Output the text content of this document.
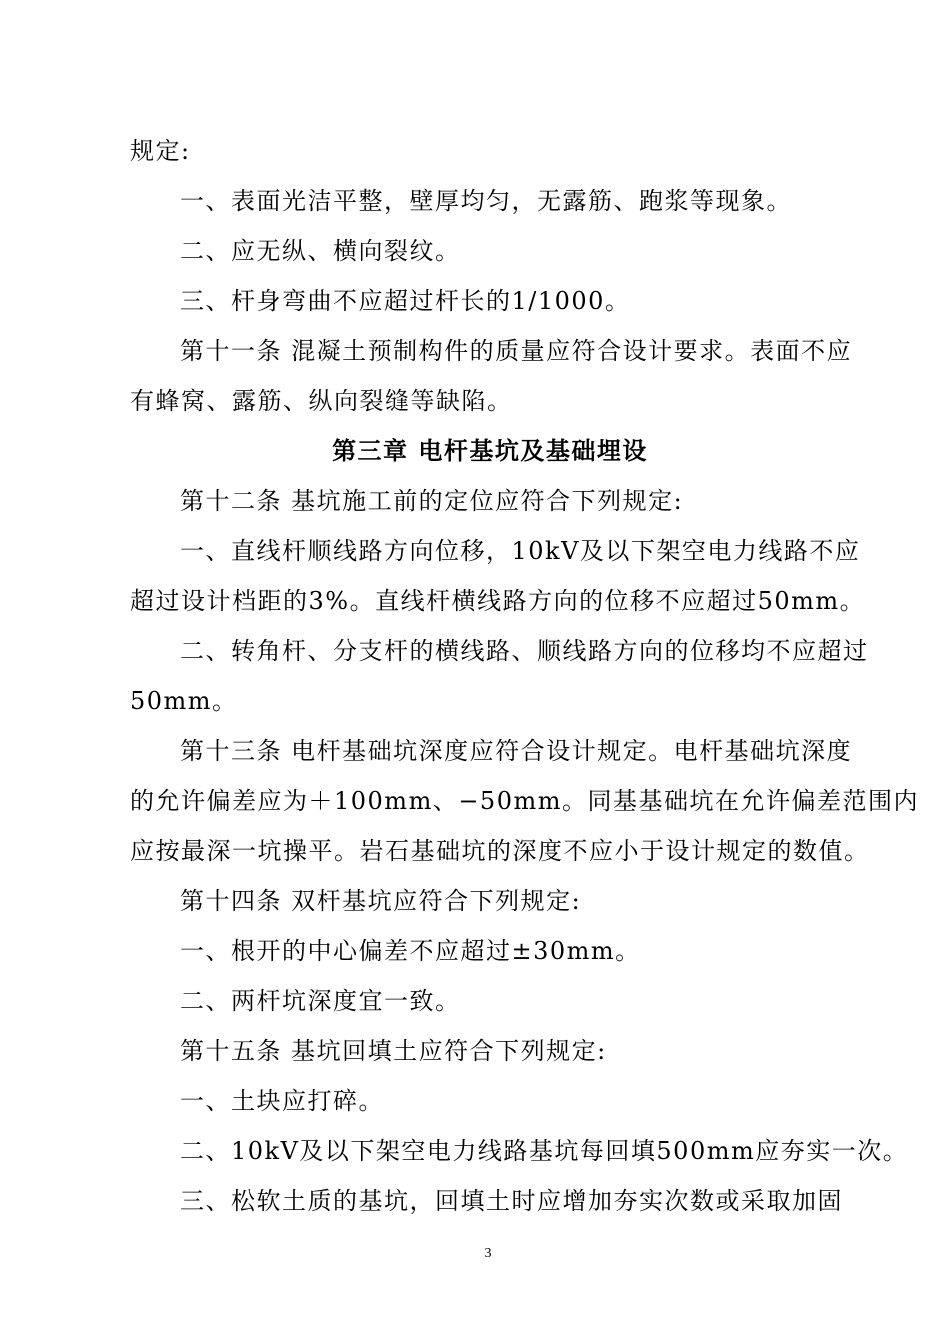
规定:
一、表面光洁平整，壁厚均匀，无露筋、跑浆等现象。
二、应无纵、横向裂纹。
三、杆身弯曲不应超过杆长的1/1000。
第十一条 混凝土预制构件的质量应符合设计要求。表面不应
有蜂窝、露筋、纵向裂缝等缺陷。
第三章 电杆基坑及基础埋设
第十二条 基坑施工前的定位应符合下列规定:
一、直线杆顺线路方向位移，10kV及以下架空电力线路不应
超过设计档距的3%。直线杆横线路方向的位移不应超过50mm。
二、转角杆、分支杆的横线路、顺线路方向的位移均不应超过
50mm。
第十三条 电杆基础坑深度应符合设计规定。电杆基础坑深度
的允许偏差应为＋100mm、−50mm。同基基础坑在允许偏差范围内
应按最深一坑操平。岩石基础坑的深度不应小于设计规定的数值。
第十四条 双杆基坑应符合下列规定:
一、根开的中心偏差不应超过±30mm。
二、两杆坑深度宜一致。
第十五条 基坑回填土应符合下列规定:
一、土块应打碎。
二、10kV及以下架空电力线路基坑每回填500mm应夯实一次。
三、松软土质的基坑，回填土时应增加夯实次数或采取加固
3
